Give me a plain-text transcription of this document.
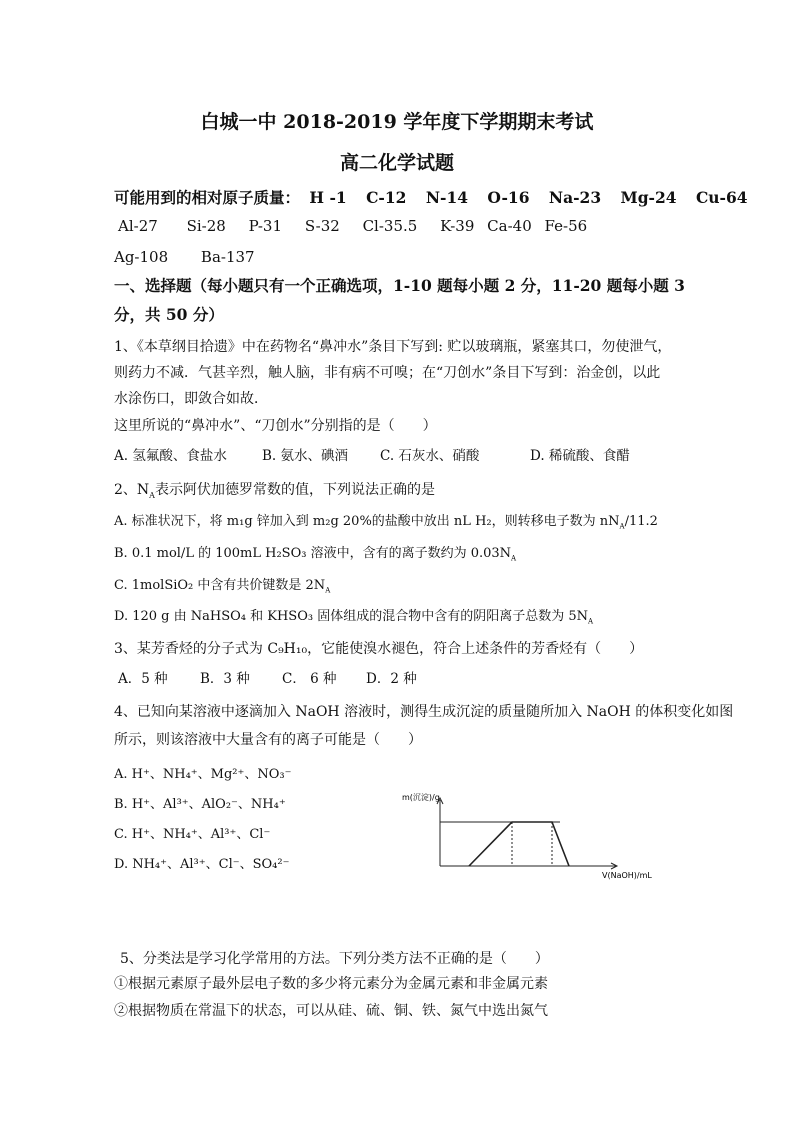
白城一中 2018-2019 学年度下学期期末考试
高二化学试题
可能用到的相对原子质量： H -1 C-12 N-14 O-16 Na-23 Mg-24 Cu-64
Al-27 Si-28 P-31 S-32 Cl-35.5 K-39 Ca-40 Fe-56
Ag-108 Ba-137
一、选择题（每小题只有一个正确选项，1-10 题每小题 2 分，11-20 题每小题 3
分，共 50 分）
1、《本草纲目拾遗》中在药物名“鼻冲水”条目下写到: 贮以玻璃瓶，紧塞其口，勿使泄气，
则药力不减．气甚辛烈，触人脑，非有病不可嗅；在“刀创水”条目下写到：治金创，以此
水涂伤口，即敛合如故．
这里所说的“鼻冲水”、“刀创水”分别指的是（　　）
A. 氢氟酸、食盐水	B. 氨水、碘酒 C. 石灰水、硝酸	D. 稀硫酸、食醋
2、$N_A$表示阿伏加德罗常数的值，下列说法正确的是
A. 标准状况下，将 m₁g 锌加入到 m₂g 20%的盐酸中放出 nL H₂，则转移电子数为 $nN_A/11.2$
B. 0.1 mol/L 的 100mL H₂SO₃ 溶液中，含有的离子数约为 $0.03N_A$
C. 1molSiO₂ 中含有共价键数是 $2N_A$
D. 120 g 由 NaHSO₄ 和 KHSO₃ 固体组成的混合物中含有的阴阳离子总数为 $5N_A$
3、某芳香烃的分子式为 C₉H₁₀，它能使溴水褪色，符合上述条件的芳香烃有（　　）
A．5 种 B．3 种 C． 6 种 D．2 种
4、已知向某溶液中逐滴加入 NaOH 溶液时，测得生成沉淀的质量随所加入 NaOH 的体积变化如图
所示，则该溶液中大量含有的离子可能是（　　）
A. H⁺、NH₄⁺、Mg²⁺、NO₃⁻
B. H⁺、Al³⁺、AlO₂⁻、NH₄⁺
C. H⁺、NH₄⁺、Al³⁺、Cl⁻
D. NH₄⁺、Al³⁺、Cl⁻、SO₄²⁻
m(沉淀)/g
V(NaOH)/mL
5、分类法是学习化学常用的方法。下列分类方法不正确的是（　　）
①根据元素原子最外层电子数的多少将元素分为金属元素和非金属元素
②根据物质在常温下的状态，可以从硅、硫、铜、铁、氮气中选出氮气
